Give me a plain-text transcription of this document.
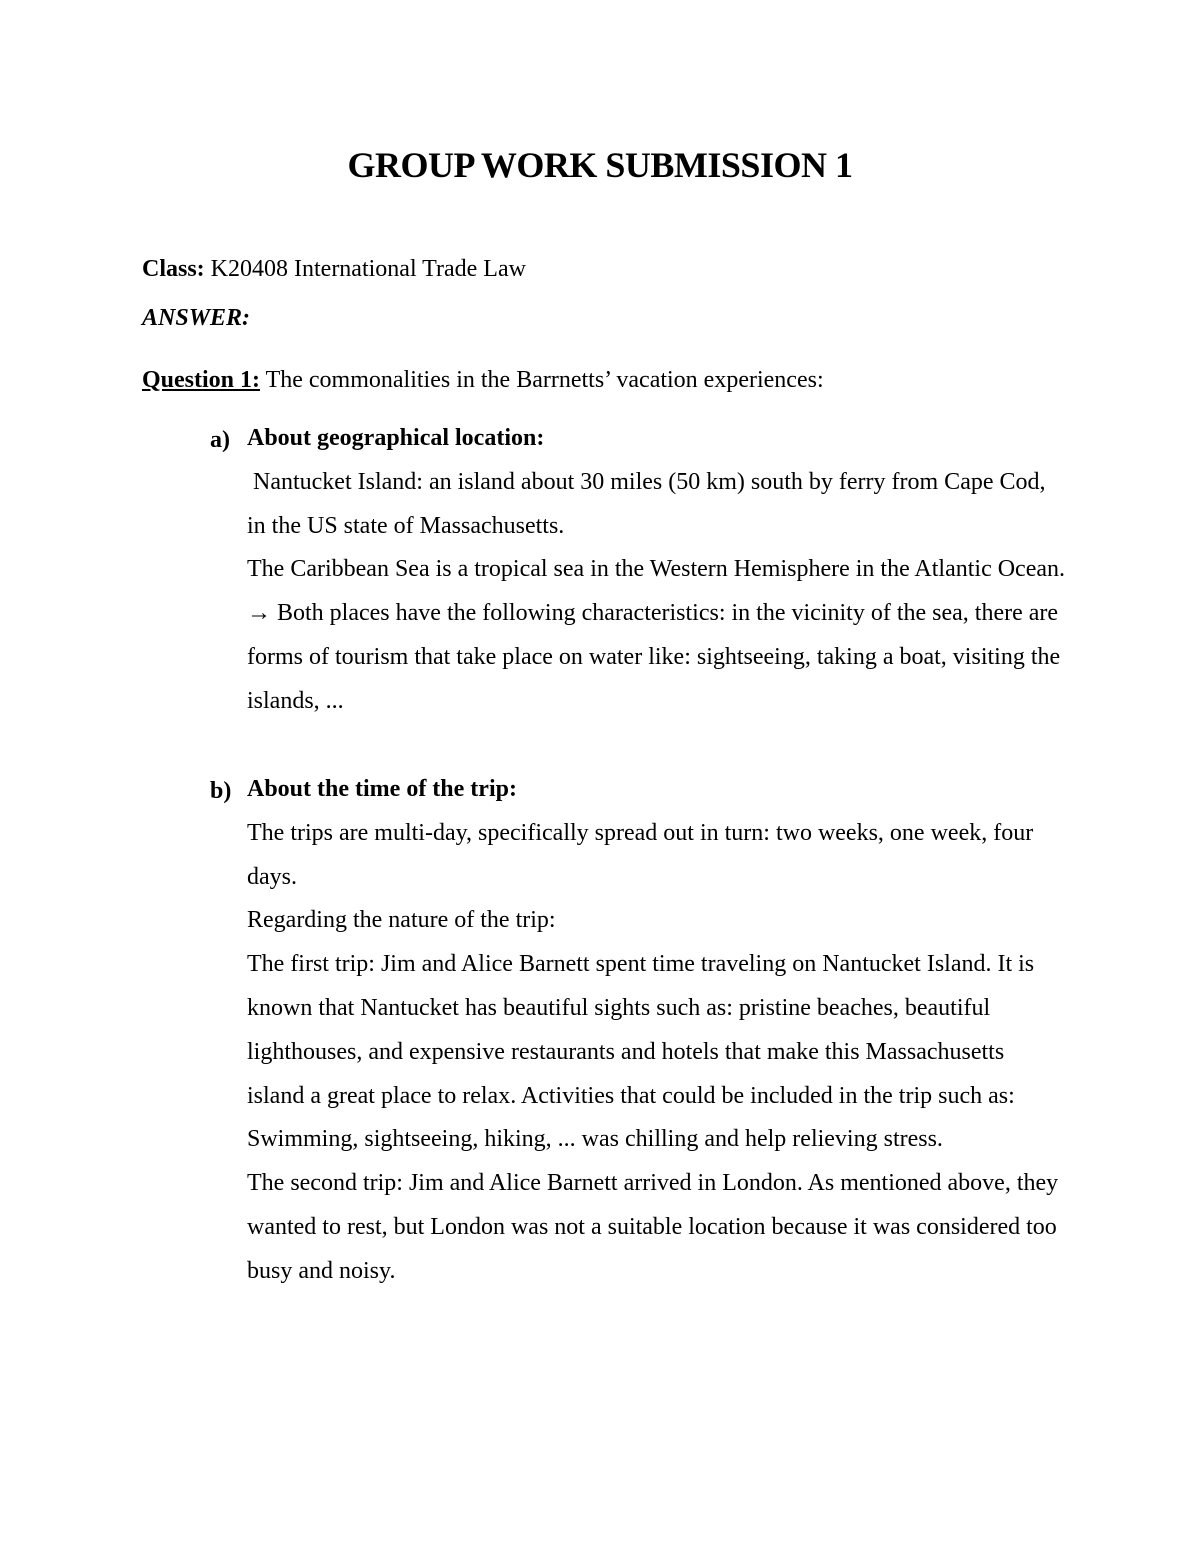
GROUP WORK SUBMISSION 1
Class: K20408 International Trade Law
ANSWER:
Question 1: The commonalities in the Barrnetts’ vacation experiences:
a) About geographical location:

Nantucket Island: an island about 30 miles (50 km) south by ferry from Cape Cod, in the US state of Massachusetts.

The Caribbean Sea is a tropical sea in the Western Hemisphere in the Atlantic Ocean.

→ Both places have the following characteristics: in the vicinity of the sea, there are forms of tourism that take place on water like: sightseeing, taking a boat, visiting the islands, ...

b) About the time of the trip:

The trips are multi-day, specifically spread out in turn: two weeks, one week, four days.

Regarding the nature of the trip:

The first trip: Jim and Alice Barnett spent time traveling on Nantucket Island. It is known that Nantucket has beautiful sights such as: pristine beaches, beautiful lighthouses, and expensive restaurants and hotels that make this Massachusetts island a great place to relax. Activities that could be included in the trip such as: Swimming, sightseeing, hiking, ... was chilling and help relieving stress.

The second trip: Jim and Alice Barnett arrived in London. As mentioned above, they wanted to rest, but London was not a suitable location because it was considered too busy and noisy.
